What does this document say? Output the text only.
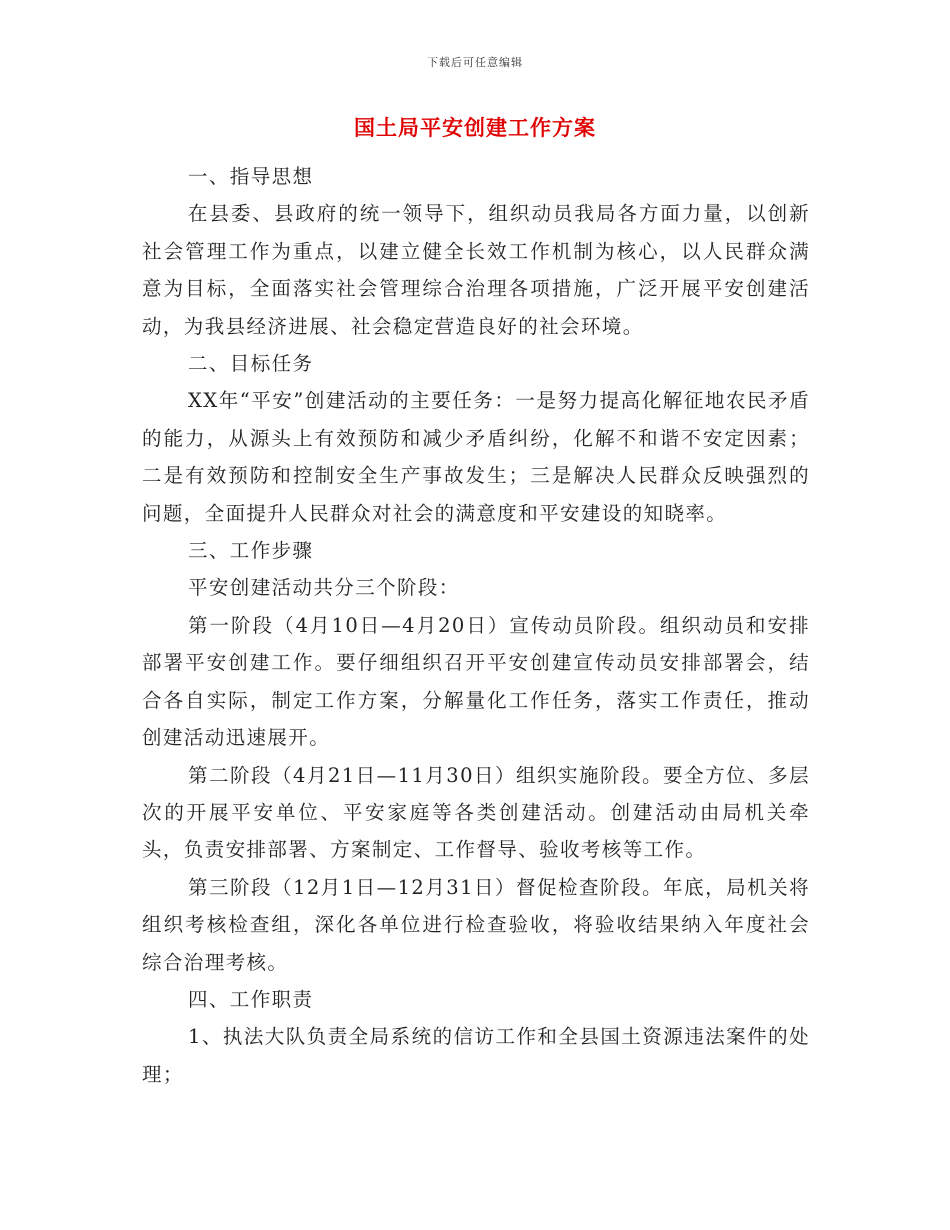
下载后可任意编辑
国土局平安创建工作方案

一、指导思想

在县委、县政府的统一领导下，组织动员我局各方面力量，以创新社会管理工作为重点，以建立健全长效工作机制为核心，以人民群众满意为目标，全面落实社会管理综合治理各项措施，广泛开展平安创建活动，为我县经济进展、社会稳定营造良好的社会环境。

二、目标任务

XX年“平安”创建活动的主要任务：一是努力提高化解征地农民矛盾的能力，从源头上有效预防和减少矛盾纠纷，化解不和谐不安定因素；二是有效预防和控制安全生产事故发生；三是解决人民群众反映强烈的问题，全面提升人民群众对社会的满意度和平安建设的知晓率。

三、工作步骤

平安创建活动共分三个阶段：

第一阶段（4月10日—4月20日）宣传动员阶段。组织动员和安排部署平安创建工作。要仔细组织召开平安创建宣传动员安排部署会，结合各自实际，制定工作方案，分解量化工作任务，落实工作责任，推动创建活动迅速展开。

第二阶段（4月21日—11月30日）组织实施阶段。要全方位、多层次的开展平安单位、平安家庭等各类创建活动。创建活动由局机关牵头，负责安排部署、方案制定、工作督导、验收考核等工作。

第三阶段（12月1日—12月31日）督促检查阶段。年底，局机关将组织考核检查组，深化各单位进行检查验收，将验收结果纳入年度社会综合治理考核。

四、工作职责

1、执法大队负责全局系统的信访工作和全县国土资源违法案件的处理；
